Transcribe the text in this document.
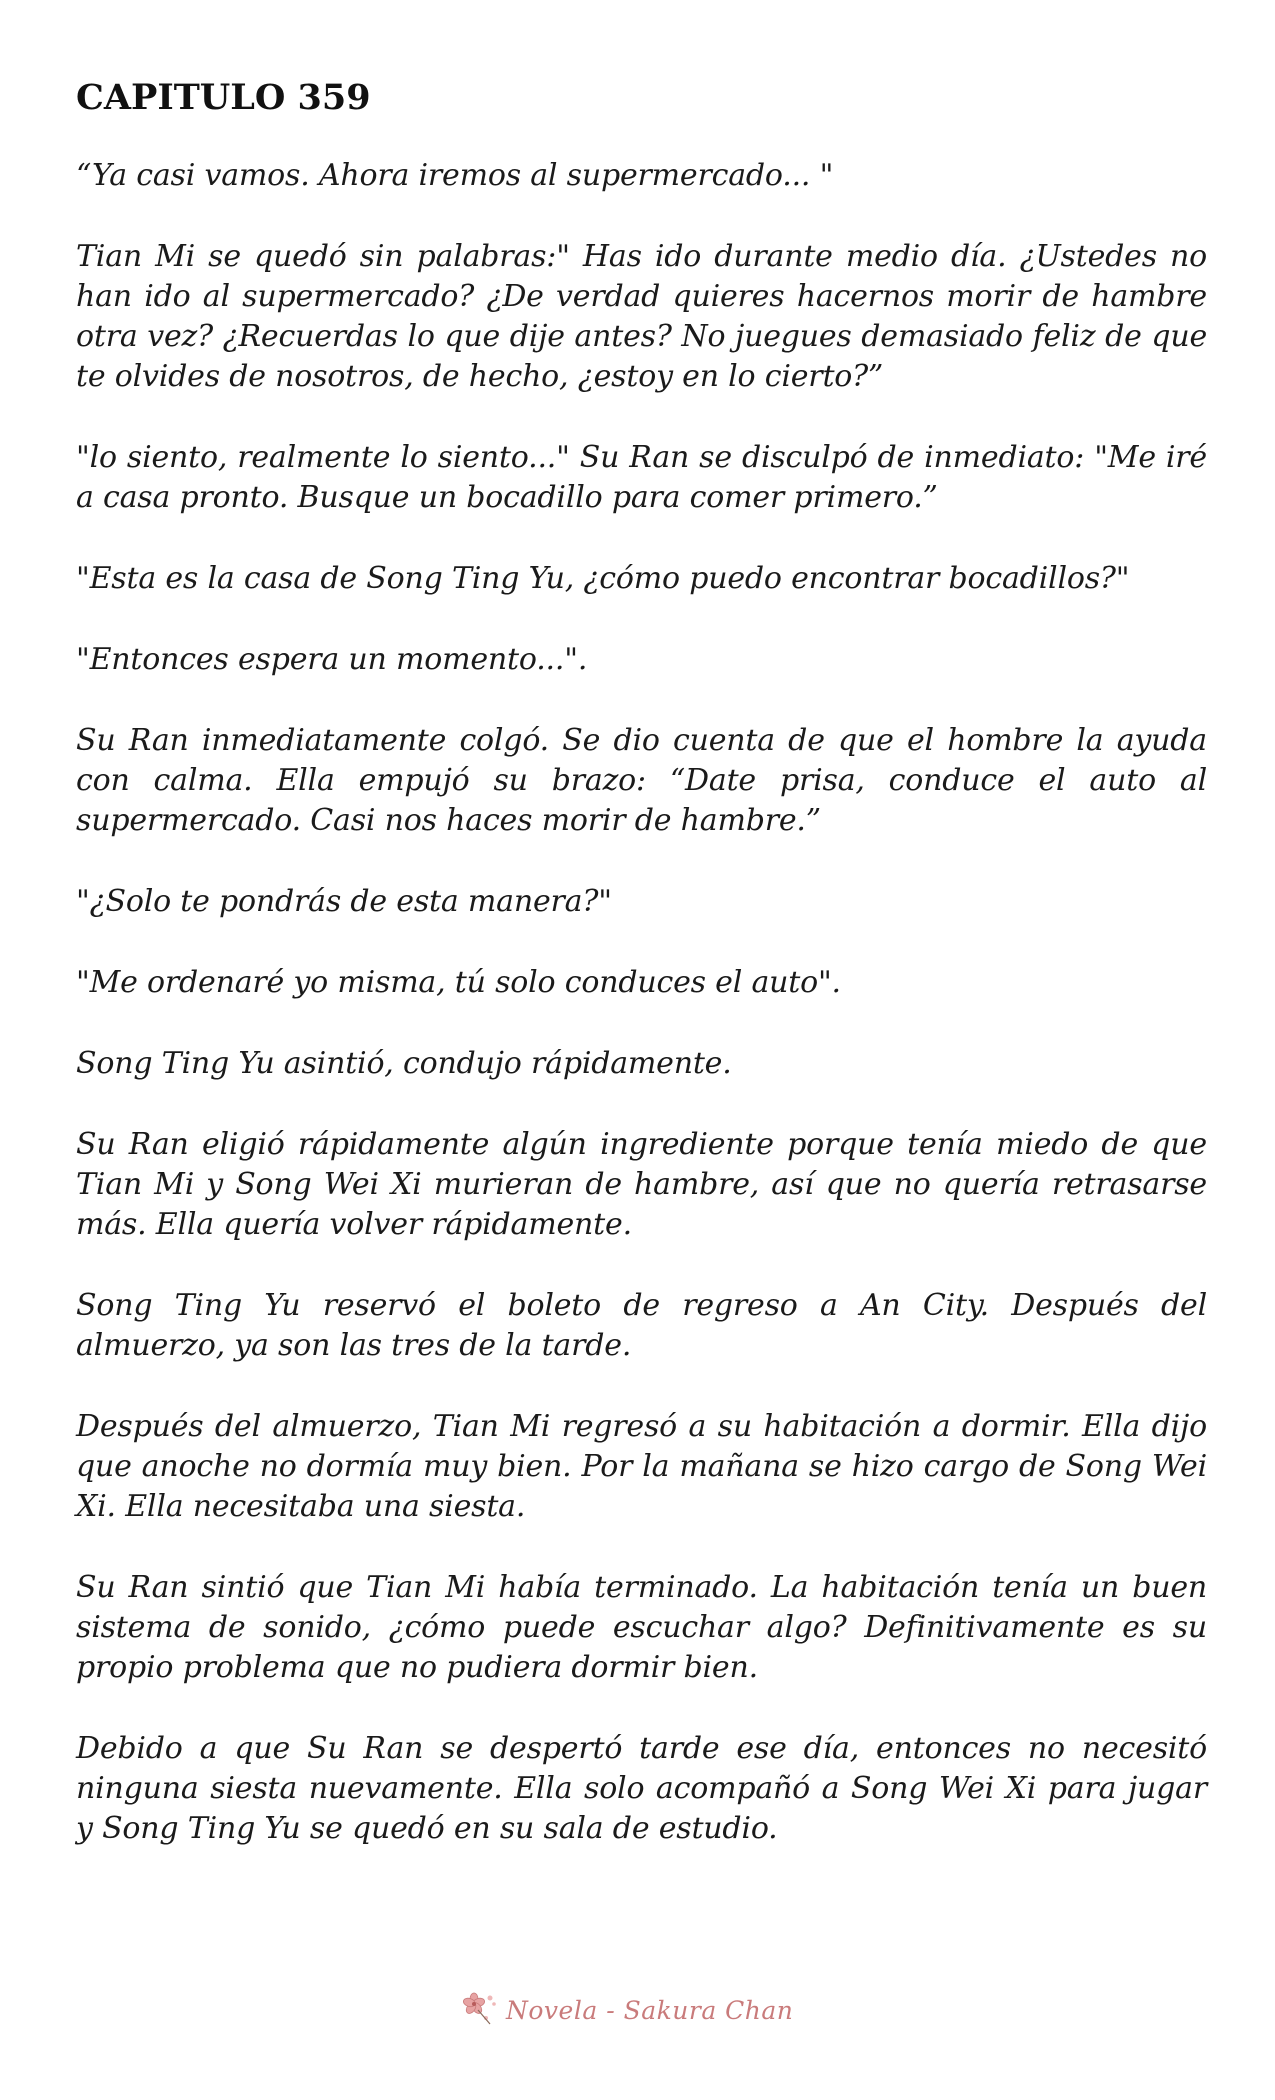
CAPITULO 359

“Ya casi vamos. Ahora iremos al supermercado... "

Tian Mi se quedó sin palabras:" Has ido durante medio día. ¿Ustedes no han ido al supermercado? ¿De verdad quieres hacernos morir de hambre otra vez? ¿Recuerdas lo que dije antes? No juegues demasiado feliz de que te olvides de nosotros, de hecho, ¿estoy en lo cierto?”

"lo siento, realmente lo siento..." Su Ran se disculpó de inmediato: "Me iré a casa pronto. Busque un bocadillo para comer primero.”

"Esta es la casa de Song Ting Yu, ¿cómo puedo encontrar bocadillos?"

"Entonces espera un momento...".

Su Ran inmediatamente colgó. Se dio cuenta de que el hombre la ayuda con calma. Ella empujó su brazo: “Date prisa, conduce el auto al supermercado. Casi nos haces morir de hambre.”

"¿Solo te pondrás de esta manera?"

"Me ordenaré yo misma, tú solo conduces el auto".

Song Ting Yu asintió, condujo rápidamente.

Su Ran eligió rápidamente algún ingrediente porque tenía miedo de que Tian Mi y Song Wei Xi murieran de hambre, así que no quería retrasarse más. Ella quería volver rápidamente.

Song Ting Yu reservó el boleto de regreso a An City. Después del almuerzo, ya son las tres de la tarde.

Después del almuerzo, Tian Mi regresó a su habitación a dormir. Ella dijo que anoche no dormía muy bien. Por la mañana se hizo cargo de Song Wei Xi. Ella necesitaba una siesta.

Su Ran sintió que Tian Mi había terminado. La habitación tenía un buen sistema de sonido, ¿cómo puede escuchar algo? Definitivamente es su propio problema que no pudiera dormir bien.

Debido a que Su Ran se despertó tarde ese día, entonces no necesitó ninguna siesta nuevamente. Ella solo acompañó a Song Wei Xi para jugar y Song Ting Yu se quedó en su sala de estudio.

Novela - Sakura Chan
